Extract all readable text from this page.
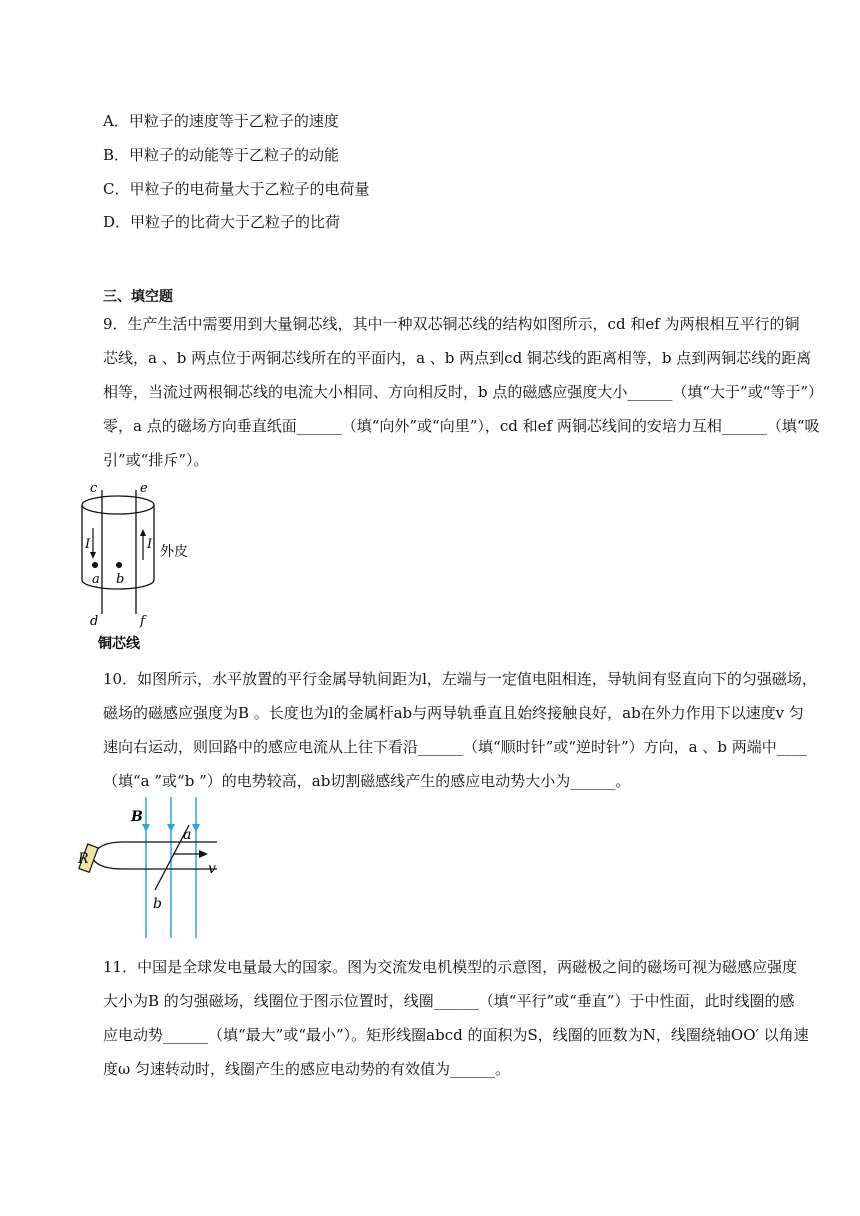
A．甲粒子的速度等于乙粒子的速度
B．甲粒子的动能等于乙粒子的动能
C．甲粒子的电荷量大于乙粒子的电荷量
D．甲粒子的比荷大于乙粒子的比荷
三、填空题

9．生产生活中需要用到大量铜芯线，其中一种双芯铜芯线的结构如图所示，cd 和ef 为两根相互平行的铜

芯线，a 、b 两点位于两铜芯线所在的平面内，a 、b 两点到cd 铜芯线的距离相等，b 点到两铜芯线的距离

相等，当流过两根铜芯线的电流大小相同、方向相反时，b 点的磁感应强度大小______（填“大于”或“等于”）

零，a 点的磁场方向垂直纸面______（填“向外”或“向里”），cd 和ef 两铜芯线间的安培力互相______（填“吸

引”或“排斥”）。

c	e
I	I
a b
外皮
d	f
铜芯线

10．如图所示，水平放置的平行金属导轨间距为l，左端与一定值电阻相连，导轨间有竖直向下的匀强磁场，

磁场的磁感应强度为B 。长度也为l的金属杆ab与两导轨垂直且始终接触良好，ab在外力作用下以速度v 匀

速向右运动，则回路中的感应电流从上往下看沿______（填“顺时针”或“逆时针”）方向，a 、b 两端中____

（填“a ”或“b ”）的电势较高，ab切割磁感线产生的感应电动势大小为______。

B
R
a
b
v

11．中国是全球发电量最大的国家。图为交流发电机模型的示意图，两磁极之间的磁场可视为磁感应强度

大小为B 的匀强磁场，线圈位于图示位置时，线圈______（填“平行”或“垂直”）于中性面，此时线圈的感

应电动势______（填“最大”或“最小”）。矩形线圈abcd 的面积为S，线圈的匝数为N，线圈绕轴OO′ 以角速

度ω 匀速转动时，线圈产生的感应电动势的有效值为______。
